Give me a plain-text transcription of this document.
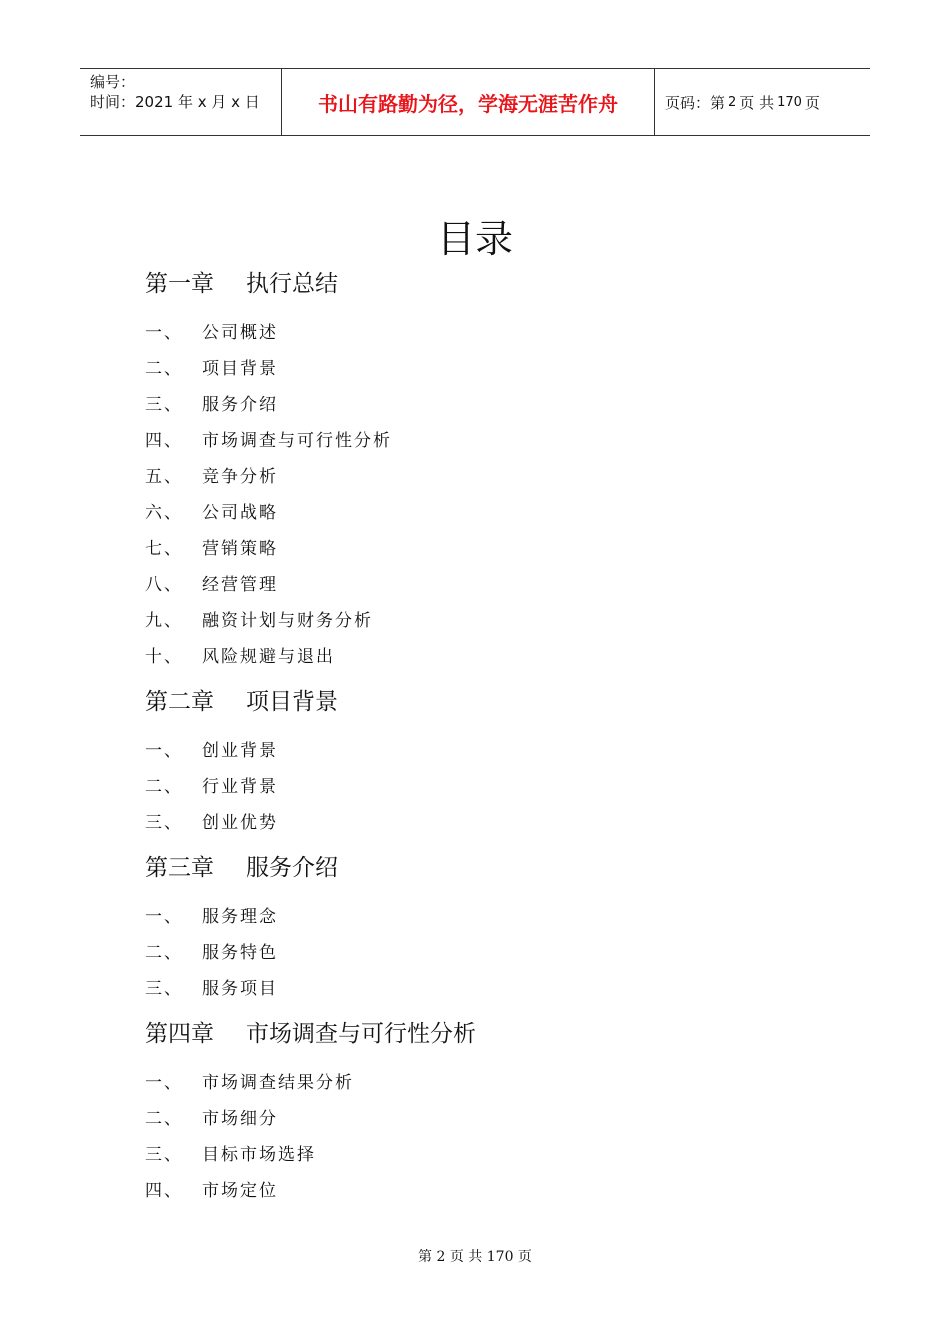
编号：
时间：2021 年 x 月 x 日	书山有路勤为径，学海无涯苦作舟	页码：第 2 页 共 170 页
目录
第一章	执行总结
一、	公司概述
二、	项目背景
三、	服务介绍
四、	市场调查与可行性分析
五、	竞争分析
六、	公司战略
七、	营销策略
八、	经营管理
九、	融资计划与财务分析
十、	风险规避与退出
第二章	项目背景
一、	创业背景
二、	行业背景
三、	创业优势
第三章	服务介绍
一、	服务理念
二、	服务特色
三、	服务项目
第四章	市场调查与可行性分析
一、	市场调查结果分析
二、	市场细分
三、	目标市场选择
四、	市场定位
第 2 页 共 170 页
